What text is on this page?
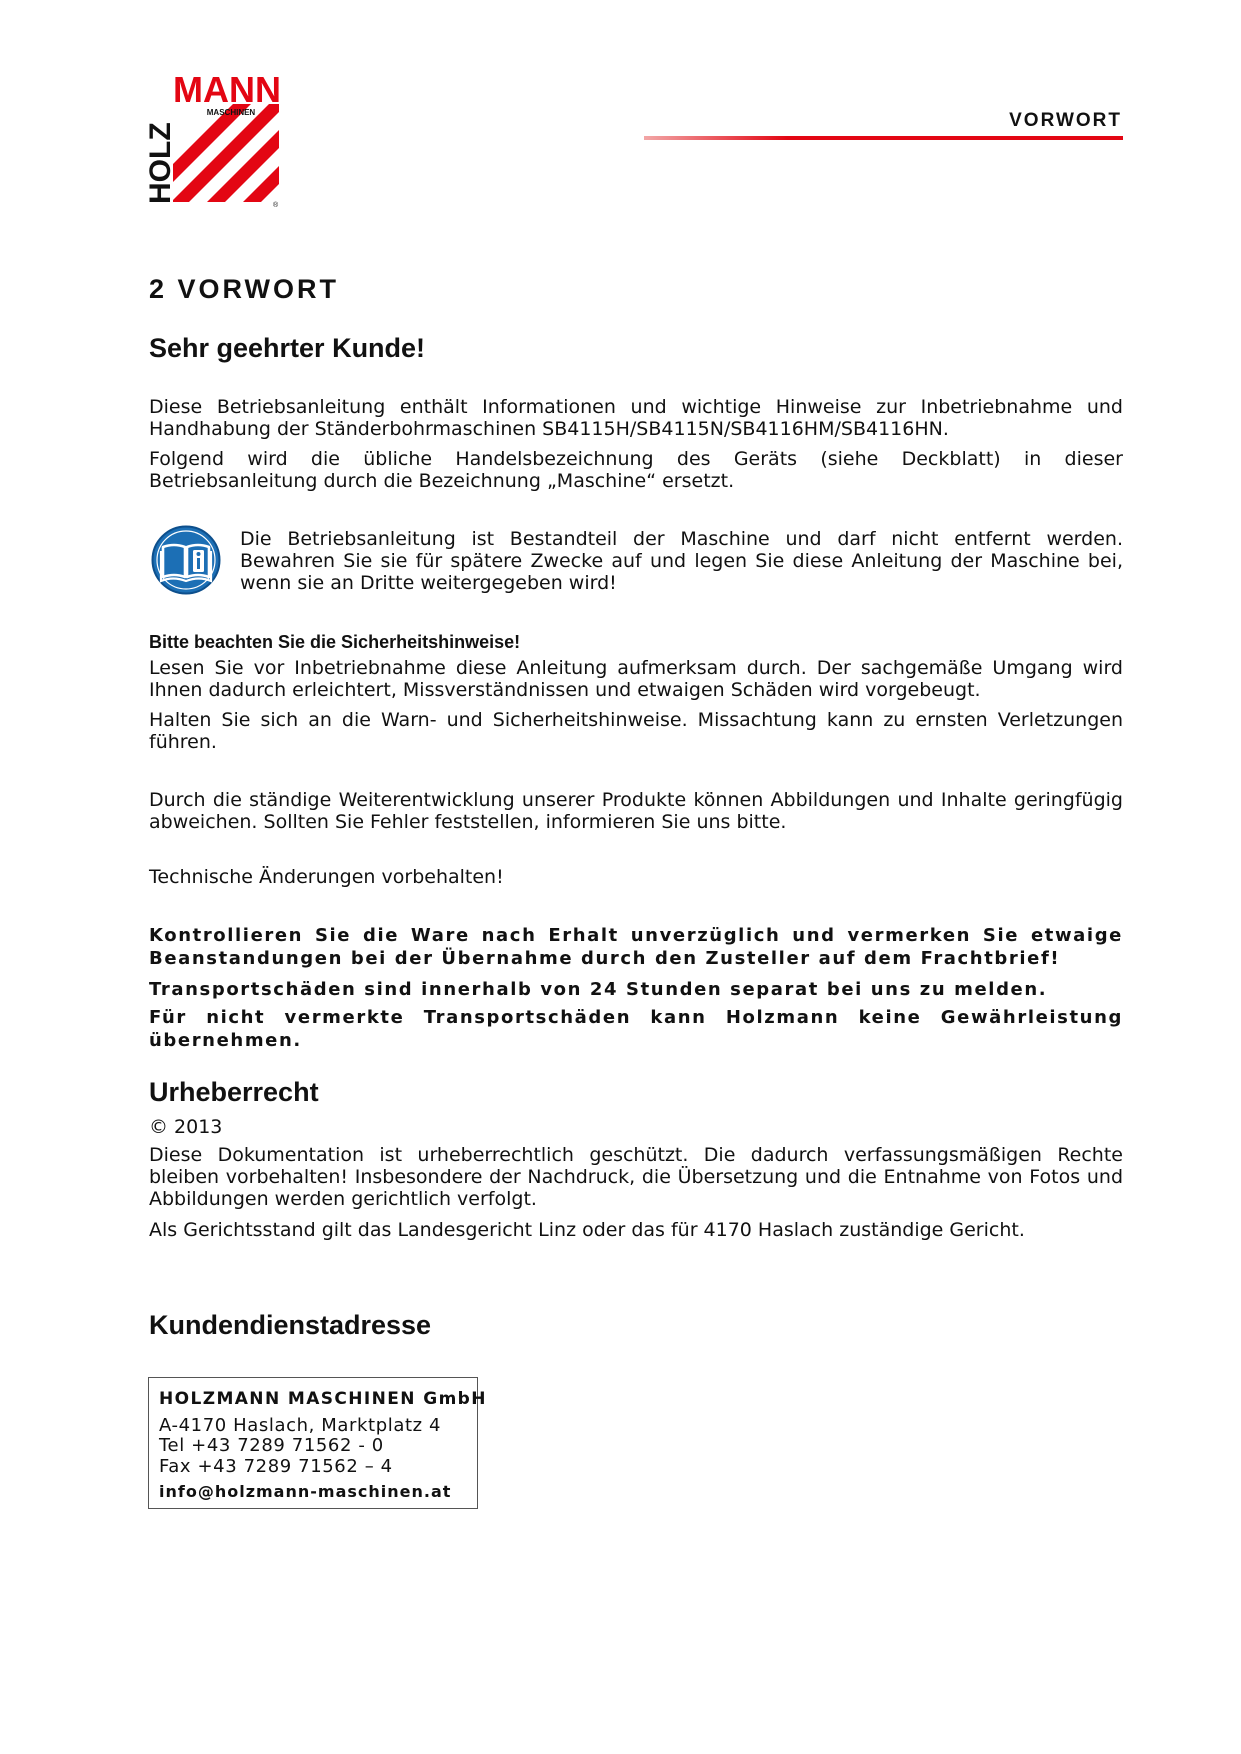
MANN
MASCHINEN
HOLZ
®
VORWORT
2 VORWORT
Sehr geehrter Kunde!
Diese Betriebsanleitung enthält Informationen und wichtige Hinweise zur Inbetriebnahme und Handhabung der Ständerbohrmaschinen SB4115H/SB4115N/SB4116HM/SB4116HN.
Folgend wird die übliche Handelsbezeichnung des Geräts (siehe Deckblatt) in dieser Betriebsanleitung durch die Bezeichnung „Maschine“ ersetzt.
Die Betriebsanleitung ist Bestandteil der Maschine und darf nicht entfernt werden. Bewahren Sie sie für spätere Zwecke auf und legen Sie diese Anleitung der Maschine bei, wenn sie an Dritte weitergegeben wird!
Bitte beachten Sie die Sicherheitshinweise!
Lesen Sie vor Inbetriebnahme diese Anleitung aufmerksam durch. Der sachgemäße Umgang wird Ihnen dadurch erleichtert, Missverständnissen und etwaigen Schäden wird vorgebeugt.
Halten Sie sich an die Warn- und Sicherheitshinweise. Missachtung kann zu ernsten Verletzungen führen.
Durch die ständige Weiterentwicklung unserer Produkte können Abbildungen und Inhalte geringfügig abweichen. Sollten Sie Fehler feststellen, informieren Sie uns bitte.
Technische Änderungen vorbehalten!
Kontrollieren Sie die Ware nach Erhalt unverzüglich und vermerken Sie etwaige Beanstandungen bei der Übernahme durch den Zusteller auf dem Frachtbrief!
Transportschäden sind innerhalb von 24 Stunden separat bei uns zu melden.
Für nicht vermerkte Transportschäden kann Holzmann keine Gewährleistung übernehmen.
Urheberrecht
© 2013
Diese Dokumentation ist urheberrechtlich geschützt. Die dadurch verfassungsmäßigen Rechte bleiben vorbehalten! Insbesondere der Nachdruck, die Übersetzung und die Entnahme von Fotos und Abbildungen werden gerichtlich verfolgt.
Als Gerichtsstand gilt das Landesgericht Linz oder das für 4170 Haslach zuständige Gericht.
Kundendienstadresse
HOLZMANN MASCHINEN GmbH
A-4170 Haslach, Marktplatz 4
Tel +43 7289 71562 - 0
Fax +43 7289 71562 – 4
info@holzmann-maschinen.at
